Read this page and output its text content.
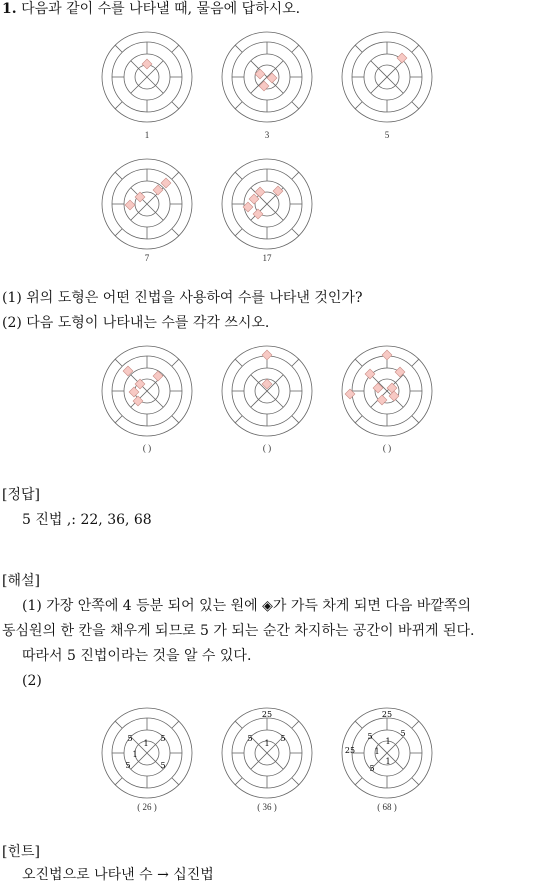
1. 다음과 같이 수를 나타낼 때, 물음에 답하시오.
1	3	5
7	17
(1) 위의 도형은 어떤 진법을 사용하여 수를 나타낸 것인가?
(2) 다음 도형이 나타내는 수를 각각 쓰시오.
( )	( )	( )
[정답]
5 진법 ,: 22, 36, 68
[해설]
(1) 가장 안쪽에 4 등분 되어 있는 원에 ◈가 가득 차게 되면 다음 바깥쪽의
동심원의 한 칸을 채우게 되므로 5 가 되는 순간 차지하는 공간이 바뀌게 된다.
따라서 5 진법이라는 것을 알 수 있다.
(2)
1
1
5	5
5	5
25
5	5
1
25
25
5	5
5
1
1
1
( 26 )	( 36 )	( 68 )
[힌트]
오진법으로 나타낸 수 → 십진법
